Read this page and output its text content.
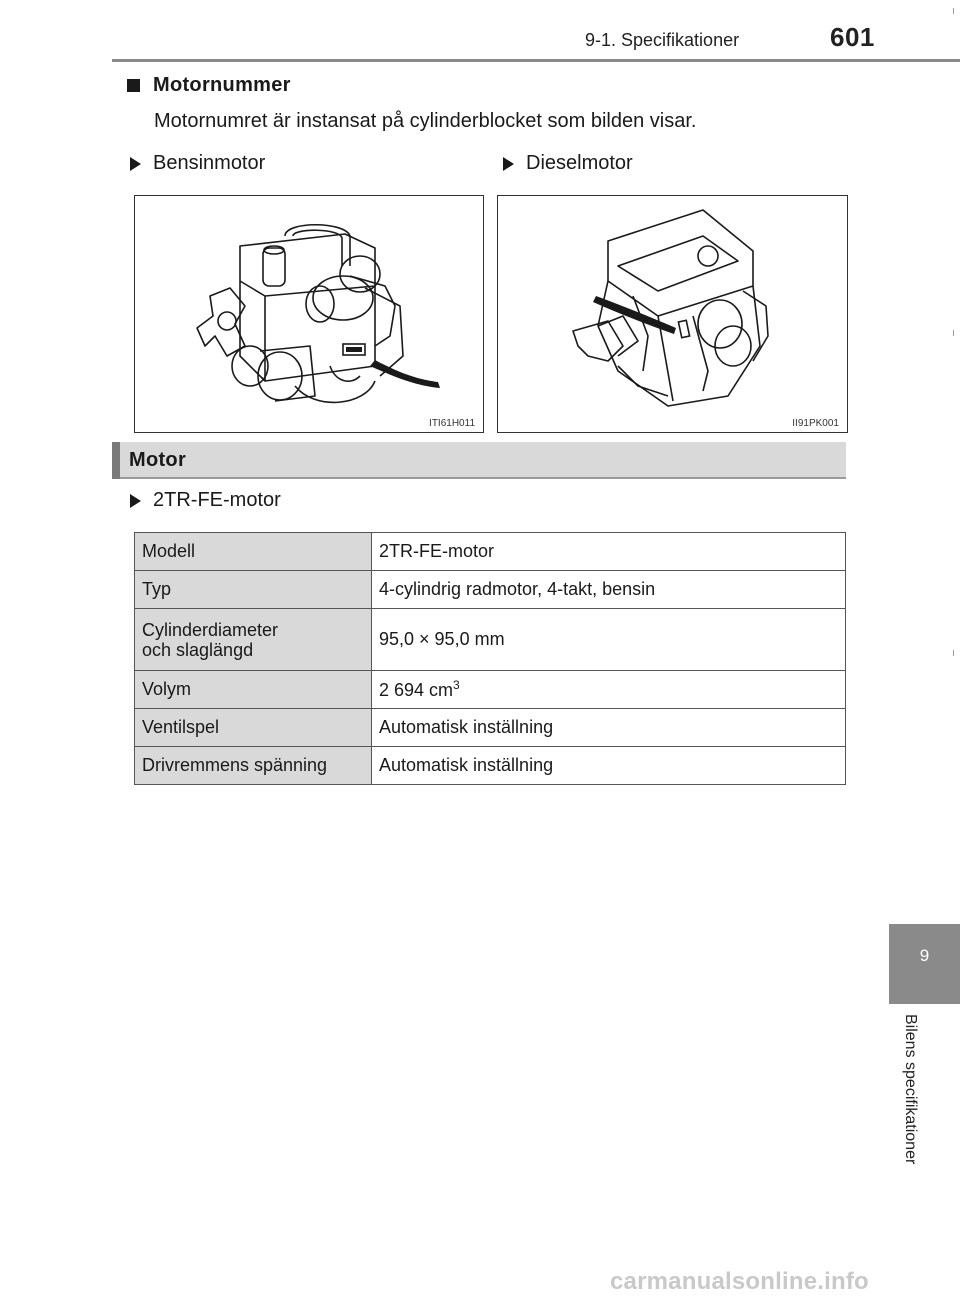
9-1. Specifikationer	601
Motornummer
Motornumret är instansat på cylinderblocket som bilden visar.
Bensinmotor	Dieselmotor
ITI61H011	II91PK001
Motor
2TR-FE-motor
Modell	2TR-FE-motor
Typ	4-cylindrig radmotor, 4-takt, bensin

Cylinderdiameter
och slaglängd	95,0 × 95,0 mm
Volym	2 694 $cm^3$
Ventilspel	Automatisk inställning
Drivremmens spänning	Automatisk inställning
9
Bilens specifikationer
carmanualsonline.info
